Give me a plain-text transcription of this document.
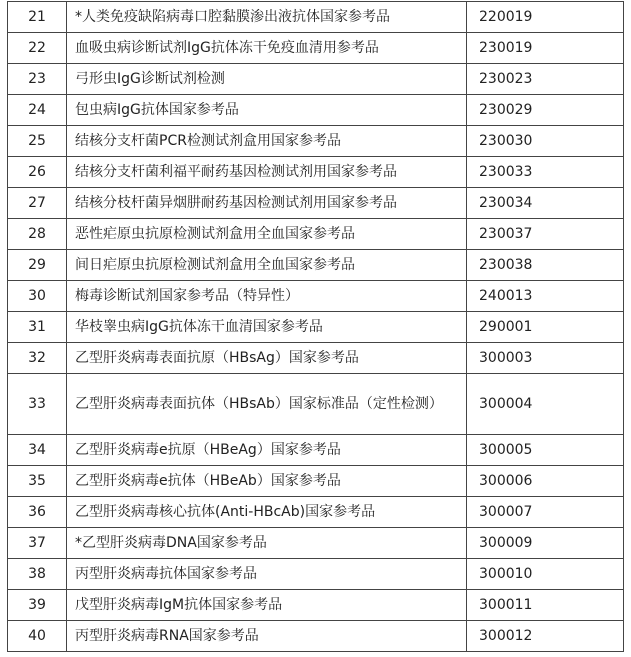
21	*人类免疫缺陷病毒口腔黏膜渗出液抗体国家参考品	220019
22	血吸虫病诊断试剂IgG抗体冻干免疫血清用参考品	230019
23	弓形虫IgG诊断试剂检测	230023
24	包虫病IgG抗体国家参考品	230029
25	结核分支杆菌PCR检测试剂盒用国家参考品	230030
26	结核分支杆菌利福平耐药基因检测试剂用国家参考品	230033
27	结核分枝杆菌异烟肼耐药基因检测试剂用国家参考品	230034
28	恶性疟原虫抗原检测试剂盒用全血国家参考品	230037
29	间日疟原虫抗原检测试剂盒用全血国家参考品	230038
30	梅毒诊断试剂国家参考品（特异性）	240013
31	华枝睾虫病IgG抗体冻干血清国家参考品	290001
32	乙型肝炎病毒表面抗原（HBsAg）国家参考品	300003
33	乙型肝炎病毒表面抗体（HBsAb）国家标准品（定性检测）	300004
34	乙型肝炎病毒e抗原（HBeAg）国家参考品	300005
35	乙型肝炎病毒e抗体（HBeAb）国家参考品	300006
36	乙型肝炎病毒核心抗体(Anti-HBcAb)国家参考品	300007
37	*乙型肝炎病毒DNA国家参考品	300009
38	丙型肝炎病毒抗体国家参考品	300010
39	戊型肝炎病毒IgM抗体国家参考品	300011
40	丙型肝炎病毒RNA国家参考品	300012
